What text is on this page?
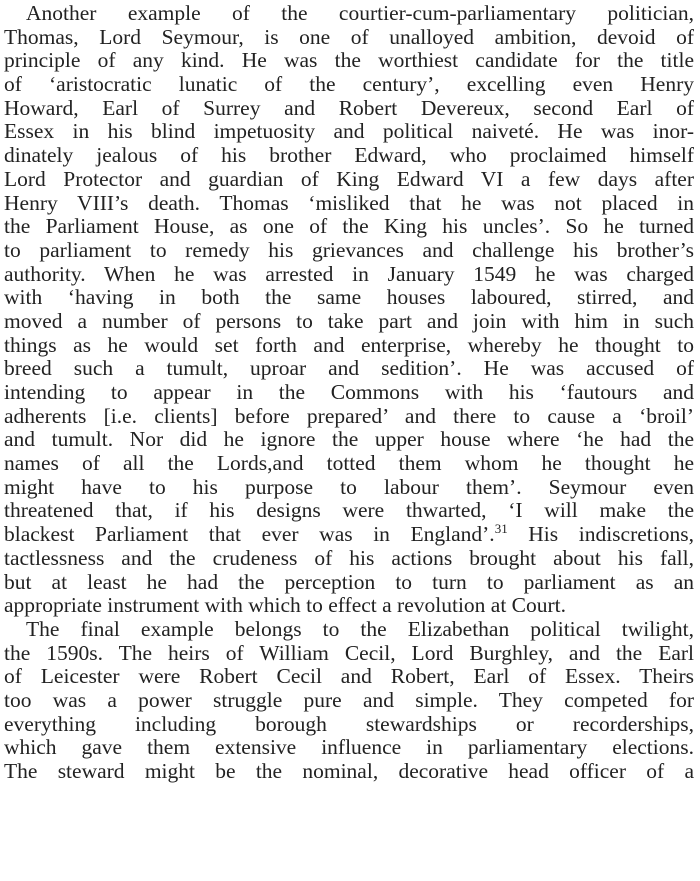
Another example of the courtier-cum-parliamentary politician,
Thomas, Lord Seymour, is one of unalloyed ambition, devoid of
principle of any kind. He was the worthiest candidate for the title
of ‘aristocratic lunatic of the century’, excelling even Henry
Howard, Earl of Surrey and Robert Devereux, second Earl of
Essex in his blind impetuosity and political naiveté. He was inor-
dinately jealous of his brother Edward, who proclaimed himself
Lord Protector and guardian of King Edward VI a few days after
Henry VIII’s death. Thomas ‘misliked that he was not placed in
the Parliament House, as one of the King his uncles’. So he turned
to parliament to remedy his grievances and challenge his brother’s
authority. When he was arrested in January 1549 he was charged
with ‘having in both the same houses laboured, stirred, and
moved a number of persons to take part and join with him in such
things as he would set forth and enterprise, whereby he thought to
breed such a tumult, uproar and sedition’. He was accused of
intending to appear in the Commons with his ‘fautours and
adherents [i.e. clients] before prepared’ and there to cause a ‘broil’
and tumult. Nor did he ignore the upper house where ‘he had the
names of all the Lords,and totted them whom he thought he
might have to his purpose to labour them’. Seymour even
threatened that, if his designs were thwarted, ‘I will make the
blackest Parliament that ever was in England’.$^{31}$ His indiscretions,
tactlessness and the crudeness of his actions brought about his fall,
but at least he had the perception to turn to parliament as an
appropriate instrument with which to effect a revolution at Court.
The final example belongs to the Elizabethan political twilight,
the 1590s. The heirs of William Cecil, Lord Burghley, and the Earl
of Leicester were Robert Cecil and Robert, Earl of Essex. Theirs
too was a power struggle pure and simple. They competed for
everything including borough stewardships or recorderships,
which gave them extensive influence in parliamentary elections.
The steward might be the nominal, decorative head officer of a
